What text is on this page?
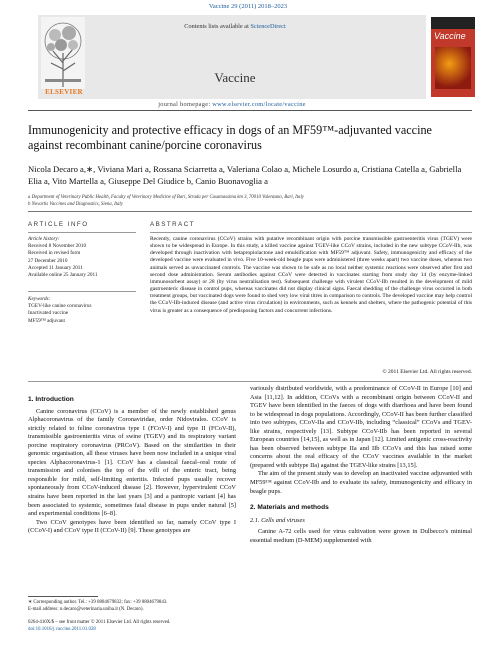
Vaccine 29 (2011) 2018–2023
ELSEVIER
Contents lists available at ScienceDirect
Vaccine
Vaccine
journal homepage: www.elsevier.com/locate/vaccine
Immunogenicity and protective efficacy in dogs of an MF59™-adjuvanted vaccine against recombinant canine/porcine coronavirus
Nicola Decaro a,∗, Viviana Mari a, Rossana Sciarretta a, Valeriana Colao a, Michele Losurdo a, Cristiana Catella a, Gabriella Elia a, Vito Martella a, Giuseppe Del Giudice b, Canio Buonavoglia a
a Department of Veterinary Public Health, Faculty of Veterinary Medicine of Bari, Strada per Casamassima km 3, 70010 Valenzano, Bari, Italy
b Novartis Vaccines and Diagnostics, Siena, Italy
ARTICLE INFO	ABSTRACT
Article history:
Received 8 November 2010
Received in revised form
27 December 2010
Accepted 11 January 2011
Available online 25 January 2011
Keywords:
TGEV-like canine coronavirus
Inactivated vaccine
MF59™ adjuvant
Recently, canine coronavirus (CCoV) strains with putative recombinant origin with porcine transmissible gastroenteritis virus (TGEV) were shown to be widespread in Europe. In this study, a killed vaccine against TGEV-like CCoV strains, included in the new subtype CCoV-IIb, was developed through inactivation with betapropiolactone and emulsification with MF59™ adjuvant. Safety, immunogenicity and efficacy of the developed vaccine were evaluated in vivo. Five 10-week-old beagle pups were administered (three weeks apart) two vaccine doses, whereas two animals served as unvaccinated controls. The vaccine was shown to be safe as no local neither systemic reactions were observed after first and second dose administration. Serum antibodies against CCoV were detected in vaccinates starting from study day 14 (by enzyme-linked immunosorbent assay) or 28 (by virus neutralisation test). Subsequent challenge with virulent CCoV-IIb resulted in the development of mild gastroenteric disease in control pups, whereas vaccinates did not display clinical signs. Faecal shedding of the challenge virus occurred in both treatment groups, but vaccinated dogs were found to shed very low viral titres in comparison to controls. The developed vaccine may help control the CCoV-IIb-induced disease (and active virus circulation) in environments, such as kennels and shelters, where the pathogenic potential of this virus is greater as a consequence of predisposing factors and concurrent infections.
© 2011 Elsevier Ltd. All rights reserved.
1. Introduction

Canine coronavirus (CCoV) is a member of the newly established genus Alphacoronavirus of the family Coronaviridae, order Nidovirales. CCoV is strictly related to feline coronavirus type I (FCoV-I) and type II (FCoV-II), transmissible gastroenteritis virus of swine (TGEV) and its respiratory variant porcine respiratory coronavirus (PRCoV). Based on the similarities in their genomic organisation, all these viruses have been now included in a unique viral species Alphacoronavirus-1 [1]. CCoV has a classical faecal–oral route of transmission and colonises the top of the villi of the enteric tract, being responsible for mild, self-limiting enteritis. Infected pups usually recover spontaneously from CCoV-induced disease [2]. However, hypervirulent CCoV strains have been reported in the last years [3] and a pantropic variant [4] has been associated to systemic, sometimes fatal disease in pups under natural [5] and experimental conditions [6–8].

Two CCoV genotypes have been identified so far, namely CCoV type I (CCoV-I) and CCoV type II (CCoV-II) [9]. These genotypes are

variously distributed worldwide, with a predominance of CCoV-II in Europe [10] and Asia [11,12]. In addition, CCoVs with a recombinant origin between CCoV-II and TGEV have been identified in the faeces of dogs with diarrhoea and have been found to be widespread in dogs populations. Accordingly, CCoV-II has been further classified into two subtypes, CCoV-IIa and CCoV-IIb, including “classical” CCoVs and TGEV-like strains, respectively [13]. Subtype CCoV-IIb has been reported in several European countries [14,15], as well as in Japan [12]. Limited antigenic cross-reactivity has been observed between subtype IIa and IIb CCoVs and this has raised some concerns about the real efficacy of the CCoV vaccines available in the market (prepared with subtype IIa) against the TGEV-like strains [13,15].

The aim of the present study was to develop an inactivated vaccine adjuvanted with MF59™ against CCoV-IIb and to evaluate its safety, immunogenicity and efficacy in beagle pups.

2. Materials and methods
2.1. Cells and viruses

Canine A-72 cells used for virus cultivation were grown in Dulbecco's minimal essential medium (D-MEM) supplemented with

∗ Corresponding author. Tel.: +39 0804679832; fax: +39 0804679843.
E-mail address: n.decaro@veterinaria.uniba.it (N. Decaro).
0264-410X/$ – see front matter © 2011 Elsevier Ltd. All rights reserved.
doi:10.1016/j.vaccine.2011.01.028
